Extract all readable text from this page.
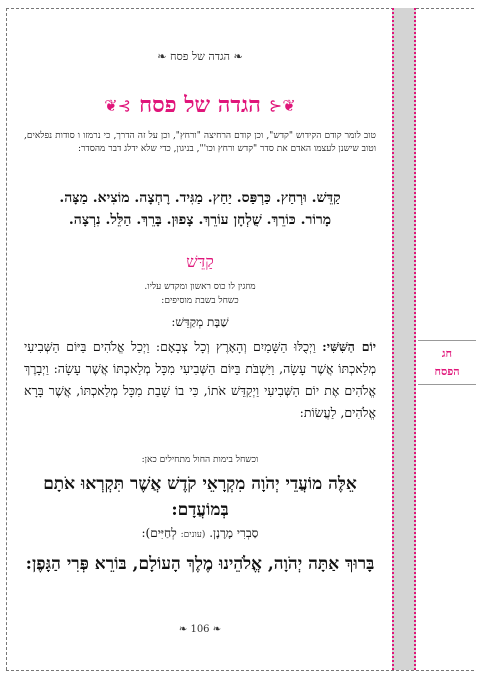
חג
הפסח
❧ הגדה של פסח ❧
❦⊰
הגדה של פסח
⊱❦
טוב לומר קודם הקידוש "קדש", וכן קודם הרחיצה "ורחץ", וכן על זה הדרך, כי נרמזו ו סודות נפלאים, וטוב שישנן לעצמו האדם את סדר "קדש ורחץ וכו'", בניגון, כדי שלא ידלג דבר מהסדר:
קַדֵּשׁ. וּרְחַץ. כַּרְפַּס. יַחַץ. מַגִּיד. רָחְצָה. מוֹצִיא. מַצָּה.
מָרוֹר. כּוֹרֵךְ. שֻׁלְחָן עוֹרֵךְ. צָפוּן. בָּרֵךְ. הַלֵּל. נִרְצָה.
קַדֵּשׁ
מוזגין לו כוס ראשון ומקדש עליו.
כשחל בשבת מוסיפים:
שַׁבָּת מְקַדֵּשׁ:
יוֹם הַשִּׁשִּׁי: וַיְכֻלּוּ הַשָּׁמַיִם וְהָאָרֶץ וְכָל צְבָאָם: וַיְכַל אֱלֹהִים בַּיּוֹם הַשְּׁבִיעִי מְלַאכְתּוֹ אֲשֶׁר עָשָׂה, וַיִּשְׁבֹּת בַּיּוֹם הַשְּׁבִיעִי מִכָּל מְלַאכְתּוֹ אֲשֶׁר עָשָׂה: וַיְבָרֶךְ אֱלֹהִים אֶת יוֹם הַשְּׁבִיעִי וַיְקַדֵּשׁ אֹתוֹ, כִּי בוֹ שָׁבַת מִכָּל מְלַאכְתּוֹ, אֲשֶׁר בָּרָא אֱלֹהִים, לַעֲשׂוֹת:
וכשחל בימות החול מתחילים כאן:
אֵלֶּה מוֹעֲדֵי יְהֹוָה מִקְרָאֵי קֹדֶשׁ אֲשֶׁר תִּקְרְאוּ אֹתָם בְּמוֹעֲדָם:
סַבְרִי מָרָנָן. (עונים: לְחַיִּים):
בָּרוּךְ אַתָּה יְהֹוָה, אֱלֹהֵינוּ מֶלֶךְ הָעוֹלָם, בּוֹרֵא פְּרִי הַגָּפֶן:
❧ 106 ❧
